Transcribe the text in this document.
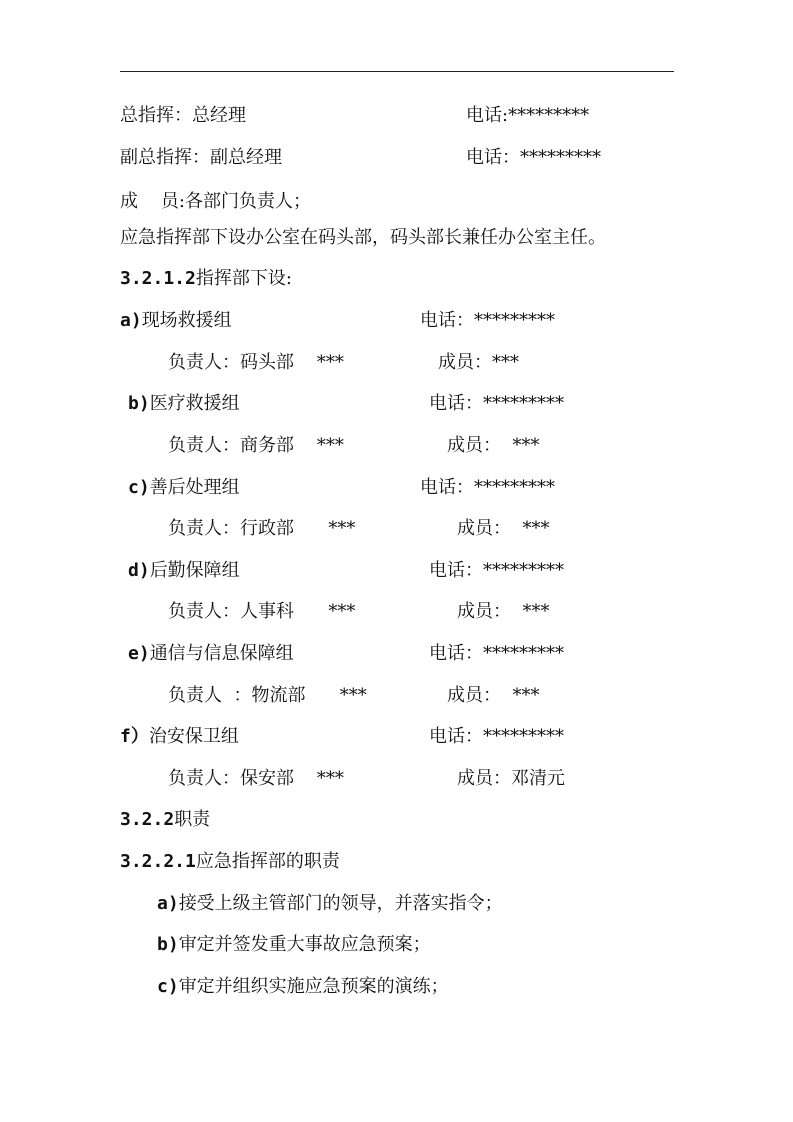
总指挥：总经理	电话:*********
副总指挥：副总经理	电话：*********
成    员:各部门负责人；
应急指挥部下设办公室在码头部，码头部长兼任办公室主任。
3.2.1.2指挥部下设:
a)现场救援组	电话：*********
负责人：码头部    ***	成员：***
b)医疗救援组	电话：*********
负责人：商务部    ***	成员：  ***
c)善后处理组	电话：*********
负责人：行政部      ***	成员：  ***
d)后勤保障组	电话：*********
负责人：人事科      ***	成员：  ***
e)通信与信息保障组	电话：*********
负责人  ：物流部      ***	成员：  ***
f）治安保卫组	电话：*********
负责人：保安部    ***	成员：邓清元
3.2.2职责
3.2.2.1应急指挥部的职责
a)接受上级主管部门的领导，并落实指令；
b)审定并签发重大事故应急预案；
c)审定并组织实施应急预案的演练；
